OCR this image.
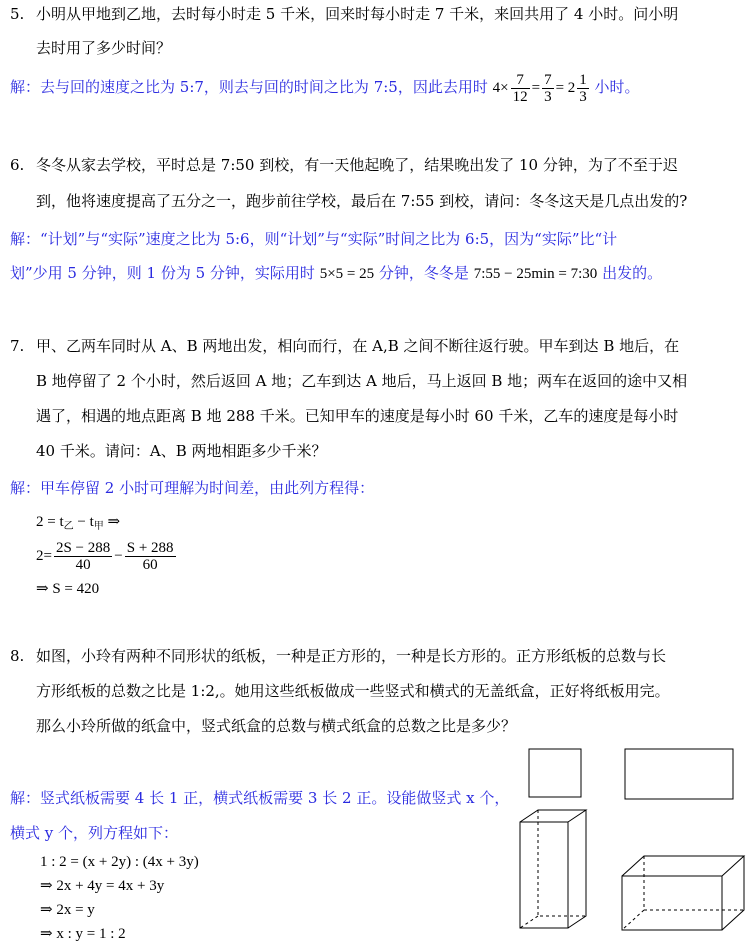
5. 小明从甲地到乙地，去时每小时走 5 千米，回来时每小时走 7 千米，来回共用了 4 小时。问小明
去时用了多少时间？
解：去与回的速度之比为 5:7，则去与回的时间之比为 7:5，因此去用时 $4\times \frac{7}{12} = \frac{7}{3} = 2 \frac{1}{3}$ 小时。
6. 冬冬从家去学校，平时总是 7:50 到校，有一天他起晚了，结果晚出发了 10 分钟，为了不至于迟
到，他将速度提高了五分之一，跑步前往学校，最后在 7:55 到校，请问：冬冬这天是几点出发的?
解：“计划”与“实际”速度之比为 5:6，则“计划”与“实际”时间之比为 6:5，因为“实际”比“计
划”少用 5 分钟，则 1 份为 5 分钟，实际用时 5×5 = 25 分钟，冬冬是 7:55 − 25min = 7:30 出发的。
7. 甲、乙两车同时从 A、B 两地出发，相向而行，在 A,B 之间不断往返行驶。甲车到达 B 地后，在
B 地停留了 2 个小时，然后返回 A 地；乙车到达 A 地后，马上返回 B 地；两车在返回的途中又相
遇了，相遇的地点距离 B 地 288 千米。已知甲车的速度是每小时 60 千米，乙车的速度是每小时
40 千米。请问：A、B 两地相距多少千米？
解：甲车停留 2 小时可理解为时间差，由此列方程得：
$2 = t_乙 - t_甲$ ⇒
$2= \frac{2S - 288}{40} - \frac{S + 288}{60}$
⇒ S = 420
8. 如图，小玲有两种不同形状的纸板，一种是正方形的，一种是长方形的。正方形纸板的总数与长
方形纸板的总数之比是 1:2,。她用这些纸板做成一些竖式和横式的无盖纸盒，正好将纸板用完。
那么小玲所做的纸盒中，竖式纸盒的总数与横式纸盒的总数之比是多少？
解：竖式纸板需要 4 长 1 正，横式纸板需要 3 长 2 正。设能做竖式 x 个，
横式 y 个，列方程如下：
1 : 2 = (x + 2y) : (4x + 3y)
⇒ 2x + 4y = 4x + 3y
⇒ 2x = y
⇒ x : y = 1 : 2
